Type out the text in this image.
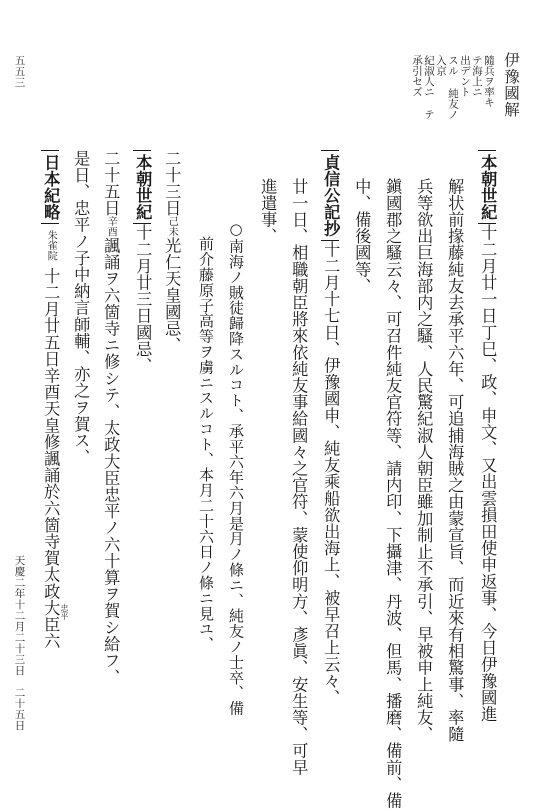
伊豫國解
隨兵ヲ率キ
テ海上ニ
出デント
スル 純友ノ
入京
紀淑人ニ テ
承引セズ
本朝世紀十二月廿一日丁巳、政、申文、又出雲損田使申返事、今日伊豫國進
解状前掾藤純友去承平六年、可追捕海賊之由蒙宣旨、而近來有相驚事、率隨
兵等欲出巨海部内之騷、人民驚紀淑人朝臣雖加制止不承引、早被申上純友、
鎭國郡之騷云々、可召件純友官符等、請内印、下攝津、丹波、但馬、播磨、備前、備
中、備後國等、
貞信公記抄十二月十七日、伊豫國申、純友乘船欲出海上、被早召上云々、
廿一日、相職朝臣將來依純友事給國々之官符、蒙使仰明方、彥眞、安生等、可早
進遣事、
○南海ノ賊徒歸降スルコト、承平六年六月是月ノ條ニ、純友ノ士卒、備
前介藤原子高等ヲ虜ニスルコト、本月二十六日ノ條ニ見ユ、
二十三日己未光仁天皇國忌、
本朝世紀十二月廿三日國忌、
二十五日辛酉諷誦ヲ六箇寺ニ修シテ、太政大臣忠平ノ六十算ヲ賀シ給フ、
是日、忠平ノ子中納言師輔、亦之ヲ賀ス、
日本紀略朱雀院十二月廿五日辛酉天皇修諷誦於六箇寺賀太政大臣六 忠平
天慶二年十二月二十三日　二十五日
五五三
